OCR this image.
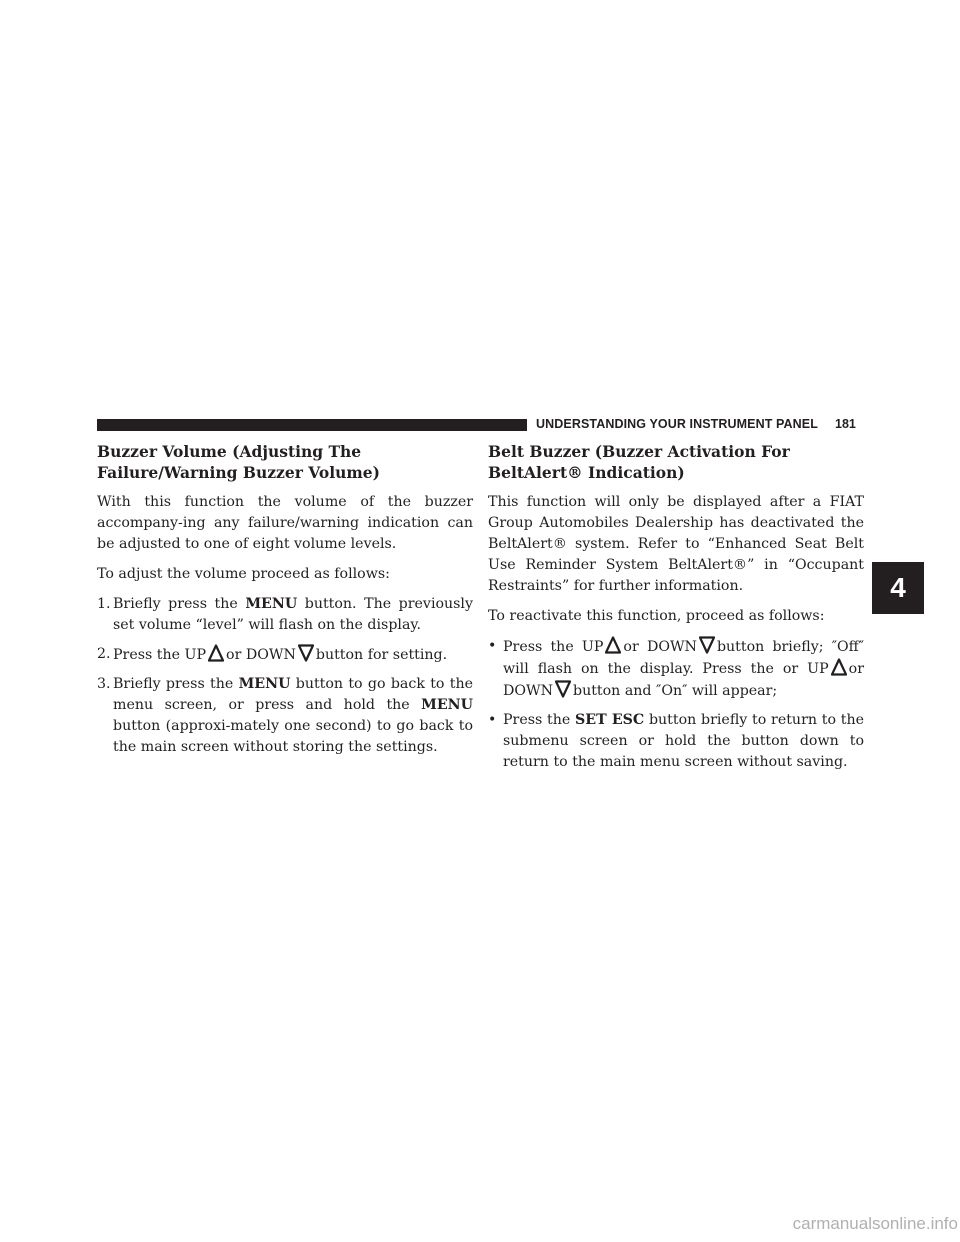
UNDERSTANDING YOUR INSTRUMENT PANEL	181
Buzzer Volume (Adjusting The Failure/Warning Buzzer Volume)

With this function the volume of the buzzer accompany-ing any failure/warning indication can be adjusted to one of eight volume levels.

To adjust the volume proceed as follows:

1. Briefly press the MENU button. The previously set volume “level” will flash on the display.
2. Press the UP or DOWN button for setting.
3. Briefly press the MENU button to go back to the menu screen, or press and hold the MENU button (approxi-mately one second) to go back to the main screen without storing the settings.
Belt Buzzer (Buzzer Activation For BeltAlert® Indication)

This function will only be displayed after a FIAT Group Automobiles Dealership has deactivated the BeltAlert® system. Refer to “Enhanced Seat Belt Use Reminder System BeltAlert®” in “Occupant Restraints” for further information.

To reactivate this function, proceed as follows:

• Press the UP or DOWN button briefly; ″Off″ will flash on the display. Press the or UP or DOWN button and ″On″ will appear;
• Press the SET ESC button briefly to return to the submenu screen or hold the button down to return to the main menu screen without saving.
4
carmanualsonline.info
